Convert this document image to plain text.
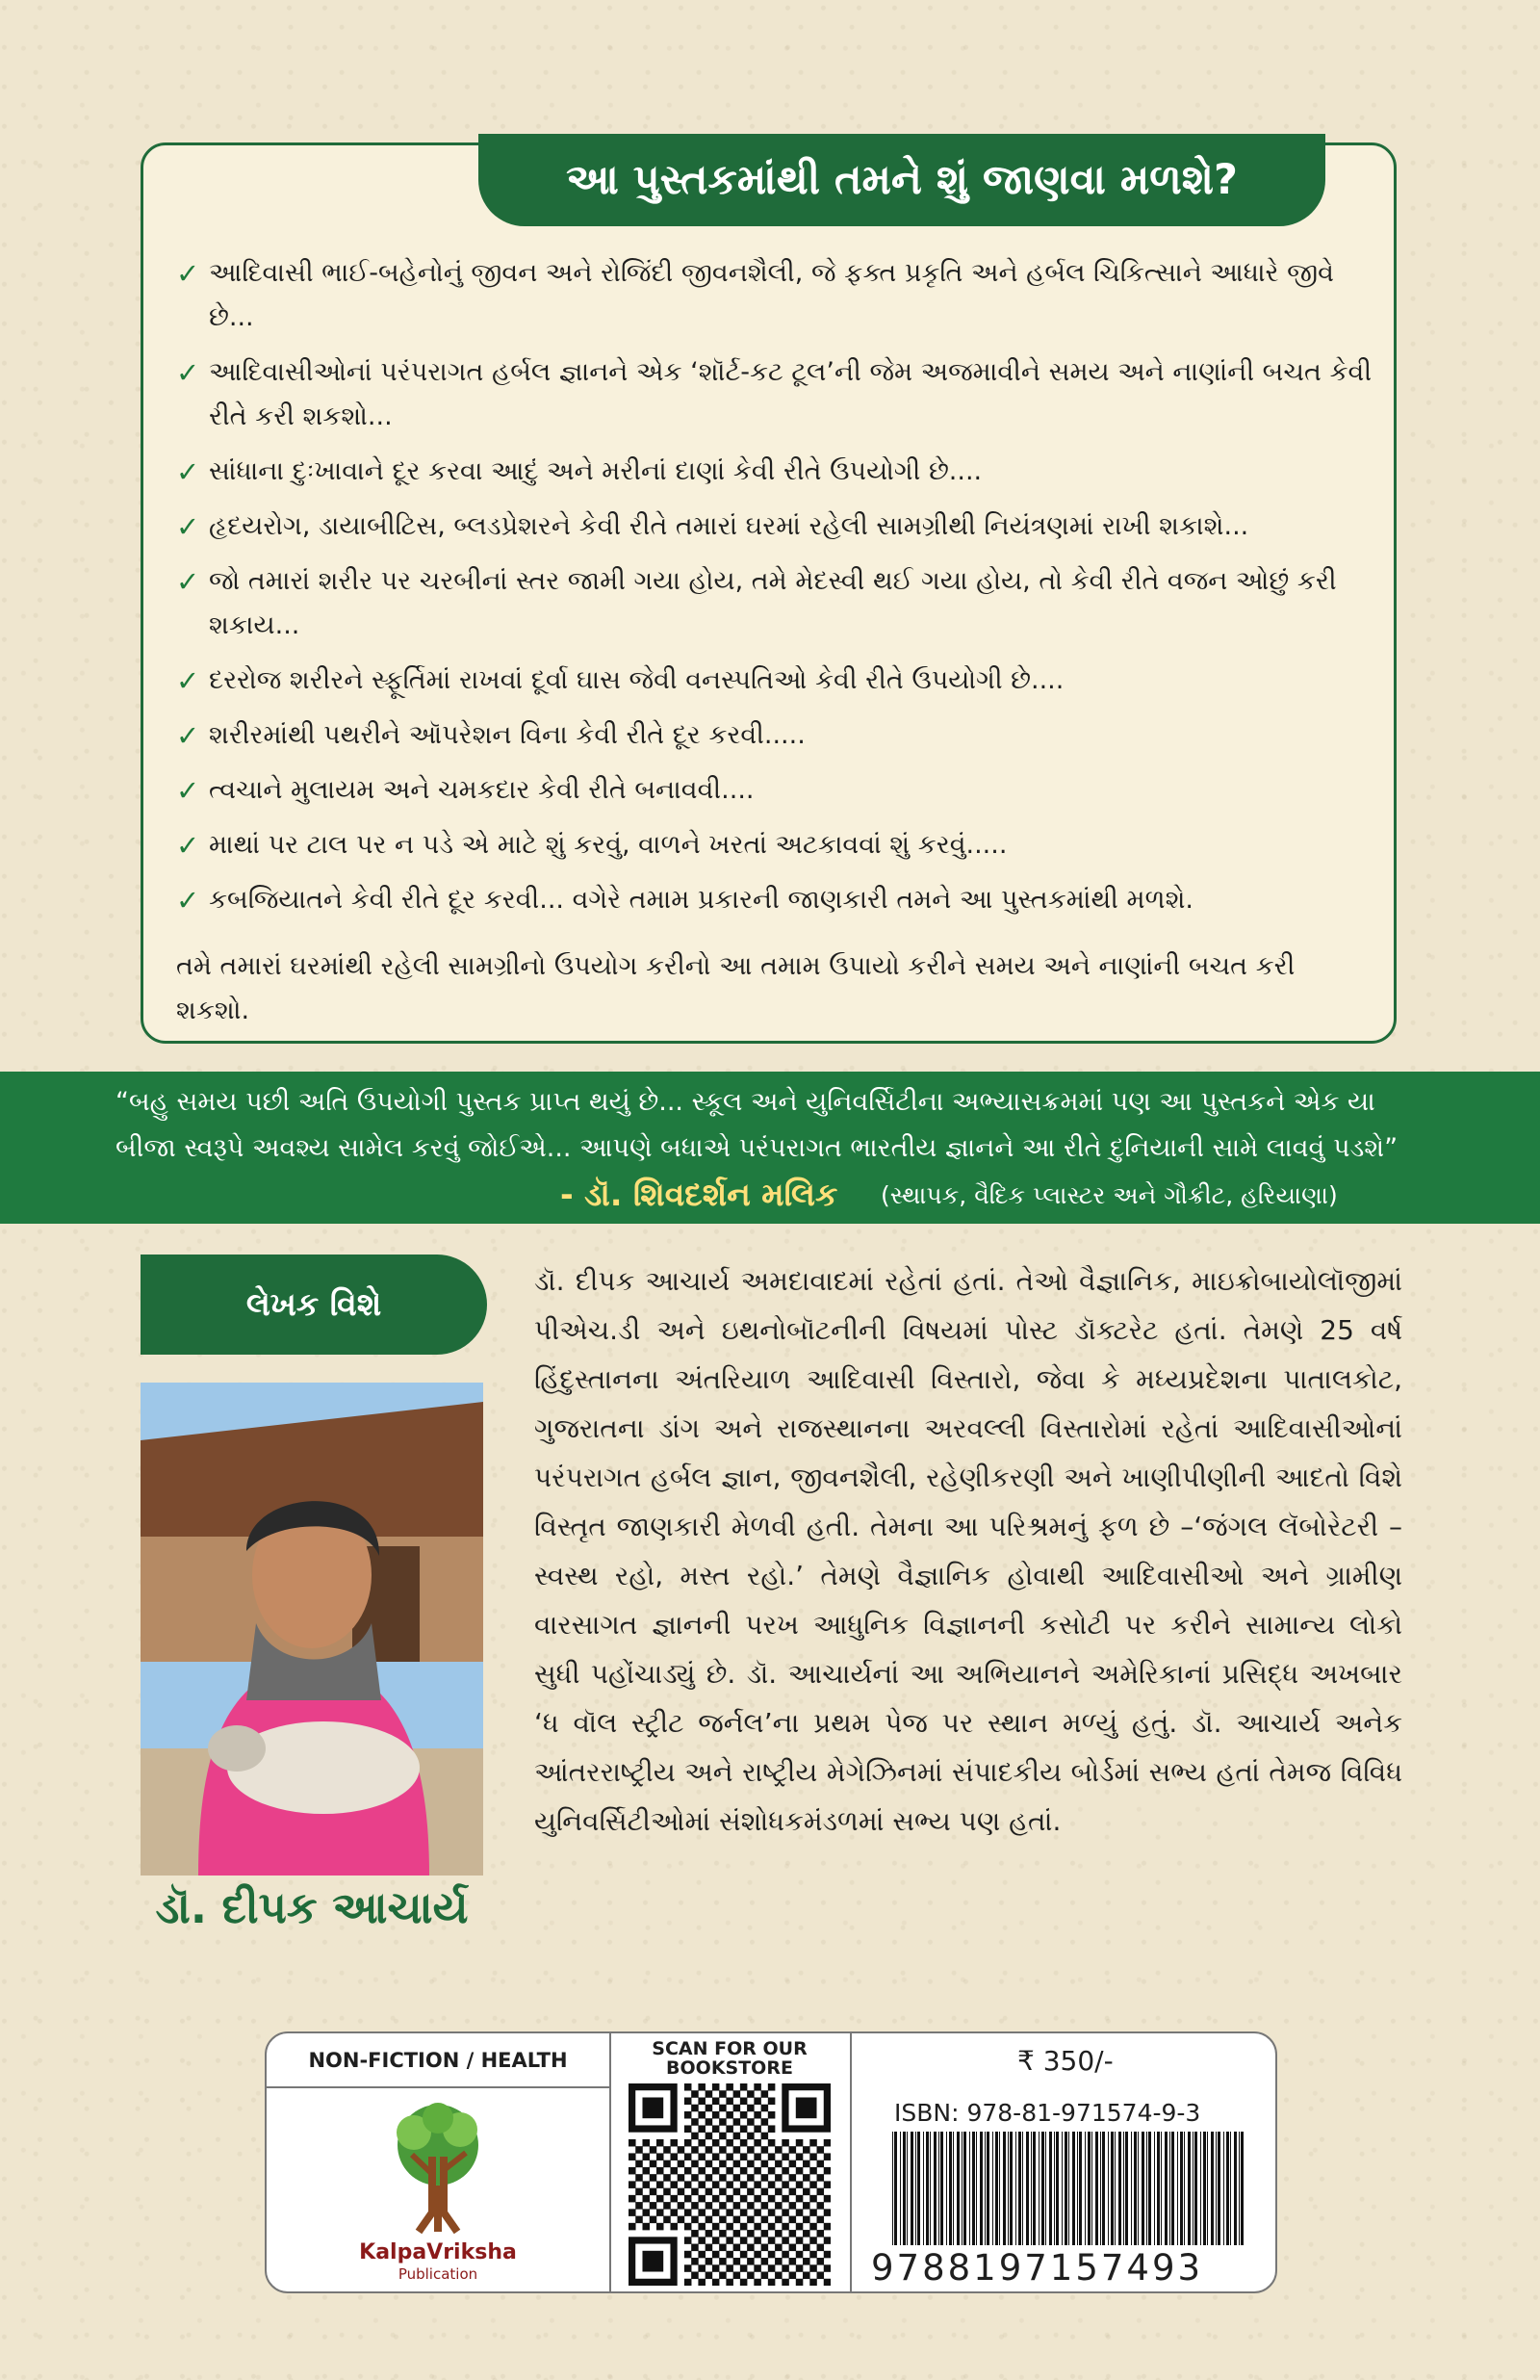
આ પુસ્તકમાંથી તમને શું જાણવા મળશે?
✓ આદિવાસી ભાઈ-બહેનોનું જીવન અને રોજિંદી જીવનશૈલી, જે ફક્ત પ્રકૃતિ અને હર્બલ ચિકિત્સાને આધારે જીવે છે...
✓ આદિવાસીઓનાં પરંપરાગત હર્બલ જ્ઞાનને એક ‘શૉર્ટ-કટ ટૂલ’ની જેમ અજમાવીને સમય અને નાણાંની બચત કેવી રીતે કરી શકશો...
✓ સાંધાના દુઃખાવાને દૂર કરવા આદું અને મરીનાં દાણાં કેવી રીતે ઉપયોગી છે....
✓ હૃદયરોગ, ડાયાબીટિસ, બ્લડપ્રેશરને કેવી રીતે તમારાં ઘરમાં રહેલી સામગ્રીથી નિયંત્રણમાં રાખી શકાશે...
✓ જો તમારાં શરીર પર ચરબીનાં સ્તર જામી ગયા હોય, તમે મેદસ્વી થઈ ગયા હોય, તો કેવી રીતે વજન ઓછું કરી શકાય...
✓ દરરોજ શરીરને સ્ફૂર્તિમાં રાખવાં દૂર્વા ઘાસ જેવી વનસ્પતિઓ કેવી રીતે ઉપયોગી છે....
✓ શરીરમાંથી પથરીને ઑપરેશન વિના કેવી રીતે દૂર કરવી.....
✓ ત્વચાને મુલાયમ અને ચમકદાર કેવી રીતે બનાવવી....
✓ માથાં પર ટાલ પર ન પડે એ માટે શું કરવું, વાળને ખરતાં અટકાવવાં શું કરવું.....
✓ કબજિયાતને કેવી રીતે દૂર કરવી... વગેરે તમામ પ્રકારની જાણકારી તમને આ પુસ્તકમાંથી મળશે.
તમે તમારાં ઘરમાંથી રહેલી સામગ્રીનો ઉપયોગ કરીનો આ તમામ ઉપાયો કરીને સમય અને નાણાંની બચત કરી શકશો.
“બહુ સમય પછી અતિ ઉપયોગી પુસ્તક પ્રાપ્ત થયું છે... સ્કૂલ અને યુનિવર્સિટીના અભ્યાસક્રમમાં પણ આ પુસ્તકને એક યા બીજા સ્વરૂપે અવશ્ય સામેલ કરવું જોઈએ... આપણે બધાએ પરંપરાગત ભારતીય જ્ઞાનને આ રીતે દુનિયાની સામે લાવવું પડશે”
- ડૉ. શિવદર્શન મલિક (સ્થાપક, વૈદિક પ્લાસ્ટર અને ગૌક્રીટ, હરિયાણા)
લેખક વિશે
ડૉ. દીપક આચાર્ય
ડૉ. દીપક આચાર્ય અમદાવાદમાં રહેતાં હતાં. તેઓ વૈજ્ઞાનિક, માઇક્રોબાયોલૉજીમાં પીએચ.ડી અને ઇથનોબૉટનીની વિષયમાં પોસ્ટ ડૉક્ટરેટ હતાં. તેમણે 25 વર્ષ હિંદુસ્તાનના અંતરિયાળ આદિવાસી વિસ્તારો, જેવા કે મધ્યપ્રદેશના પાતાલકોટ, ગુજરાતના ડાંગ અને રાજસ્થાનના અરવલ્લી વિસ્તારોમાં રહેતાં આદિવાસીઓનાં પરંપરાગત હર્બલ જ્ઞાન, જીવનશૈલી, રહેણીકરણી અને ખાણીપીણીની આદતો વિશે વિસ્તૃત જાણકારી મેળવી હતી. તેમના આ પરિશ્રમનું ફળ છે –‘જંગલ લૅબોરેટરી – સ્વસ્થ રહો, મસ્ત રહો.’ તેમણે વૈજ્ઞાનિક હોવાથી આદિવાસીઓ અને ગ્રામીણ વારસાગત જ્ઞાનની પરખ આધુનિક વિજ્ઞાનની કસોટી પર કરીને સામાન્ય લોકો સુધી પહોંચાડ્યું છે. ડૉ. આચાર્યનાં આ અભિયાનને અમેરિકાનાં પ્રસિદ્ધ અખબાર ‘ધ વૉલ સ્ટ્રીટ જર્નલ’ના પ્રથમ પેજ પર સ્થાન મળ્યું હતું. ડૉ. આચાર્ય અનેક આંતરરાષ્ટ્રીય અને રાષ્ટ્રીય મેગેઝિનમાં સંપાદકીય બોર્ડમાં સભ્ય હતાં તેમજ વિવિધ યુનિવર્સિટીઓમાં સંશોધકમંડળમાં સભ્ય પણ હતાં.
NON-FICTION / HEALTH
KalpaVriksha
Publication
SCAN FOR OUR BOOKSTORE	₹ 350/-
ISBN: 978-81-971574-9-3
9788197157493
